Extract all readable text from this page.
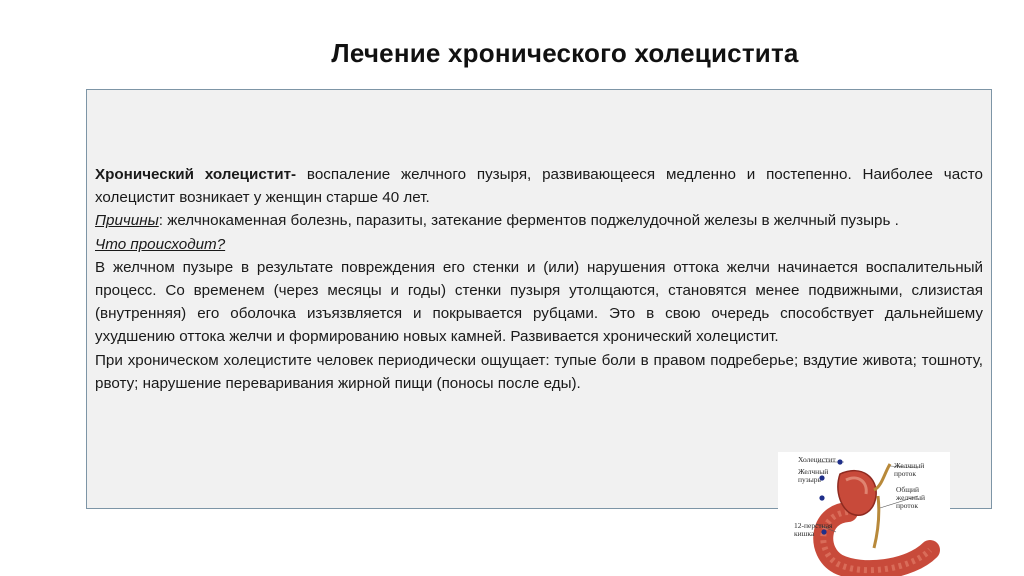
Лечение хронического холецистита

Хронический холецистит- воспаление желчного пузыря, развивающееся медленно и постепенно. Наиболее часто холецистит возникает у женщин старше 40 лет.

Причины: желчнокаменная болезнь, паразиты, затекание ферментов поджелудочной железы в желчный пузырь .

Что происходит?

В желчном пузыре в результате повреждения его стенки и (или) нарушения оттока желчи начинается воспалительный процесс. Со временем (через месяцы и годы) стенки пузыря утолщаются, становятся менее подвижными, слизистая (внутренняя) его оболочка изъязвляется и покрывается рубцами. Это в свою очередь способствует дальнейшему ухудшению оттока желчи и формированию новых камней. Развивается хронический холецистит.

При хроническом холецистите человек периодически ощущает: тупые боли в правом подреберье; вздутие живота; тошноту, рвоту; нарушение переваривания жирной пищи (поносы после еды).

Холецистит
Желчный
пузырь
Желчный
проток
Общий
желчный
проток
12-перстная
кишка
